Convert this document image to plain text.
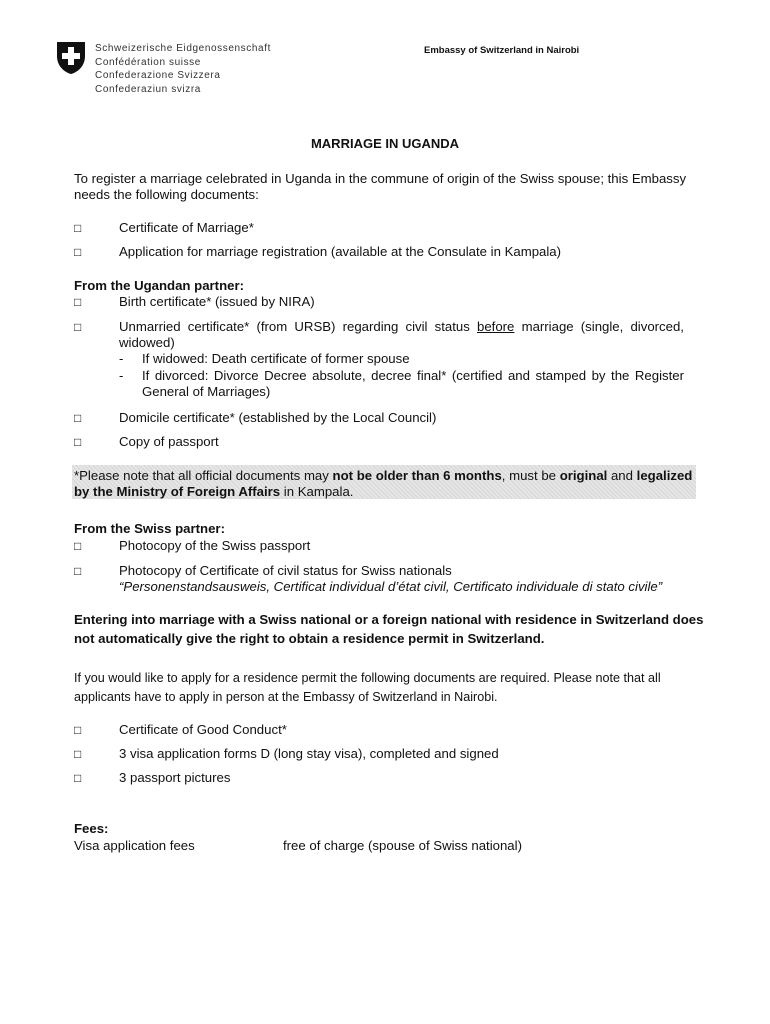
Schweizerische Eidgenossenschaft
Confédération suisse
Confederazione Svizzera
Confederaziun svizra
Embassy of Switzerland in Nairobi
MARRIAGE IN UGANDA
To register a marriage celebrated in Uganda in the commune of origin of the Swiss spouse; this Embassy
needs the following documents:
□	Certificate of Marriage*
□	Application for marriage registration (available at the Consulate in Kampala)
From the Ugandan partner:
□	Birth certificate* (issued by NIRA)
□	Unmarried certificate* (from URSB) regarding civil status before marriage (single, divorced,
widowed)
- If widowed: Death certificate of former spouse
- If divorced: Divorce Decree absolute, decree final* (certified and stamped by the Register
General of Marriages)
□	Domicile certificate* (established by the Local Council)
□	Copy of passport
*Please note that all official documents may not be older than 6 months, must be original and legalized
by the Ministry of Foreign Affairs in Kampala.
From the Swiss partner:
□	Photocopy of the Swiss passport
□	Photocopy of Certificate of civil status for Swiss nationals
“Personenstandsausweis, Certificat individual d’état civil, Certificato individuale di stato civile”
Entering into marriage with a Swiss national or a foreign national with residence in Switzerland does
not automatically give the right to obtain a residence permit in Switzerland.
If you would like to apply for a residence permit the following documents are required. Please note that all
applicants have to apply in person at the Embassy of Switzerland in Nairobi.
□	Certificate of Good Conduct*
□	3 visa application forms D (long stay visa), completed and signed
□	3 passport pictures
Fees:
Visa application fees	free of charge (spouse of Swiss national)
